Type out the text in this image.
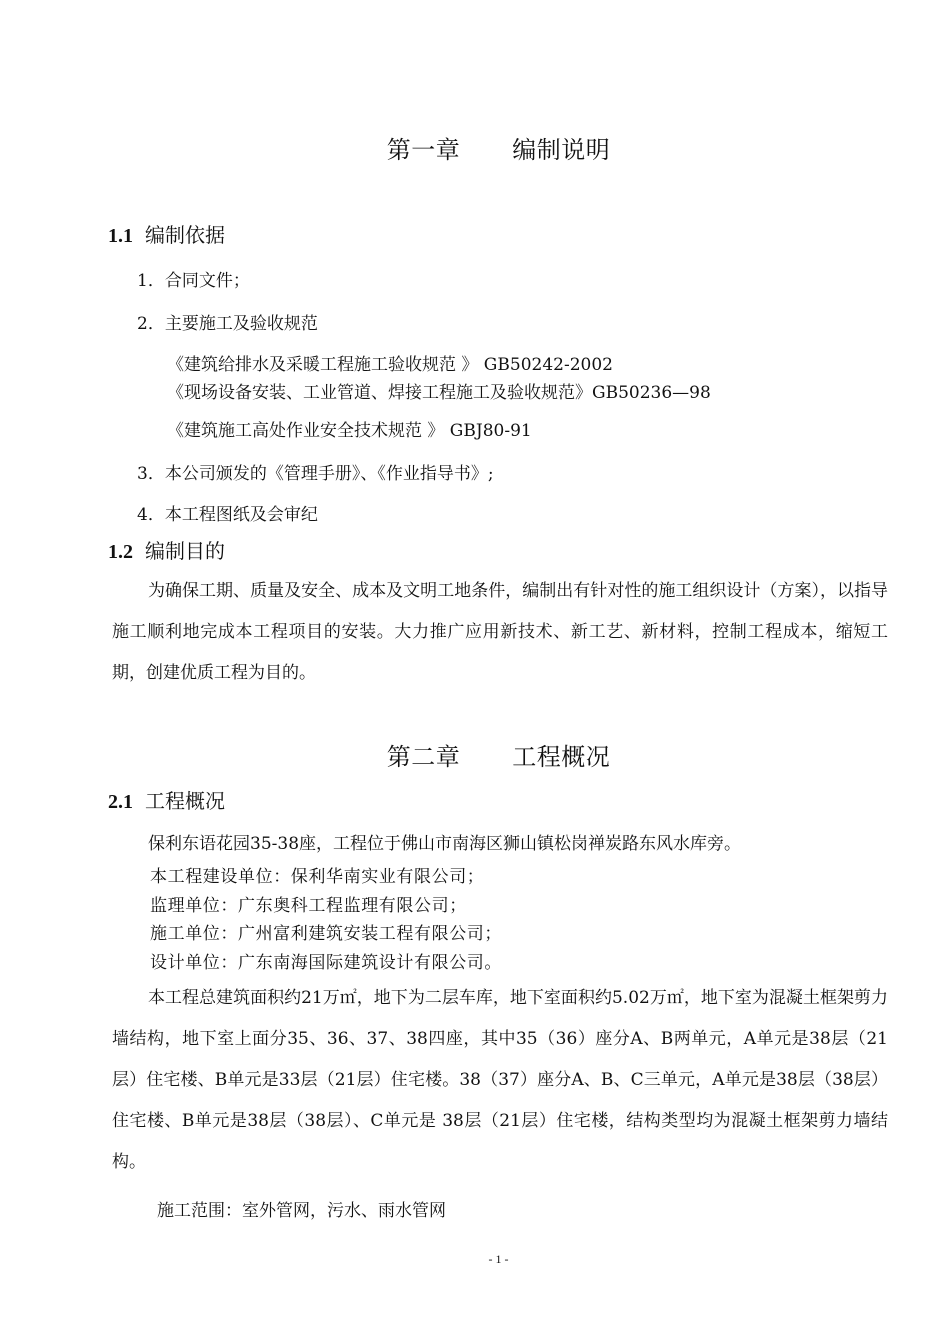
第一章 编制说明
1.1 编制依据
1．合同文件；
2．主要施工及验收规范
《建筑给排水及采暖工程施工验收规范 》 GB50242-2002
《现场设备安装、工业管道、焊接工程施工及验收规范》GB50236—98
《建筑施工高处作业安全技术规范 》 GBJ80-91
3．本公司颁发的《管理手册》、《作业指导书》;
4．本工程图纸及会审纪
1.2 编制目的
为确保工期、质量及安全、成本及文明工地条件，编制出有针对性的施工组织设计（方案），以指导施工顺利地完成本工程项目的安装。大力推广应用新技术、新工艺、新材料，控制工程成本，缩短工期，创建优质工程为目的。
第二章 工程概况
2.1 工程概况
保利东语花园35-38座，工程位于佛山市南海区狮山镇松岗禅炭路东风水库旁。
本工程建设单位：保利华南实业有限公司；
监理单位：广东奥科工程监理有限公司；
施工单位：广州富利建筑安装工程有限公司；
设计单位：广东南海国际建筑设计有限公司。
本工程总建筑面积约21万㎡，地下为二层车库，地下室面积约5.02万㎡，地下室为混凝土框架剪力墙结构，地下室上面分35、36、37、38四座，其中35（36）座分A、B两单元，A单元是38层（21层）住宅楼、B单元是33层（21层）住宅楼。38（37）座分A、B、C三单元，A单元是38层（38层）住宅楼、B单元是38层（38层）、C单元是 38层（21层）住宅楼，结构类型均为混凝土框架剪力墙结构。
施工范围：室外管网，污水、雨水管网
- 1 -
